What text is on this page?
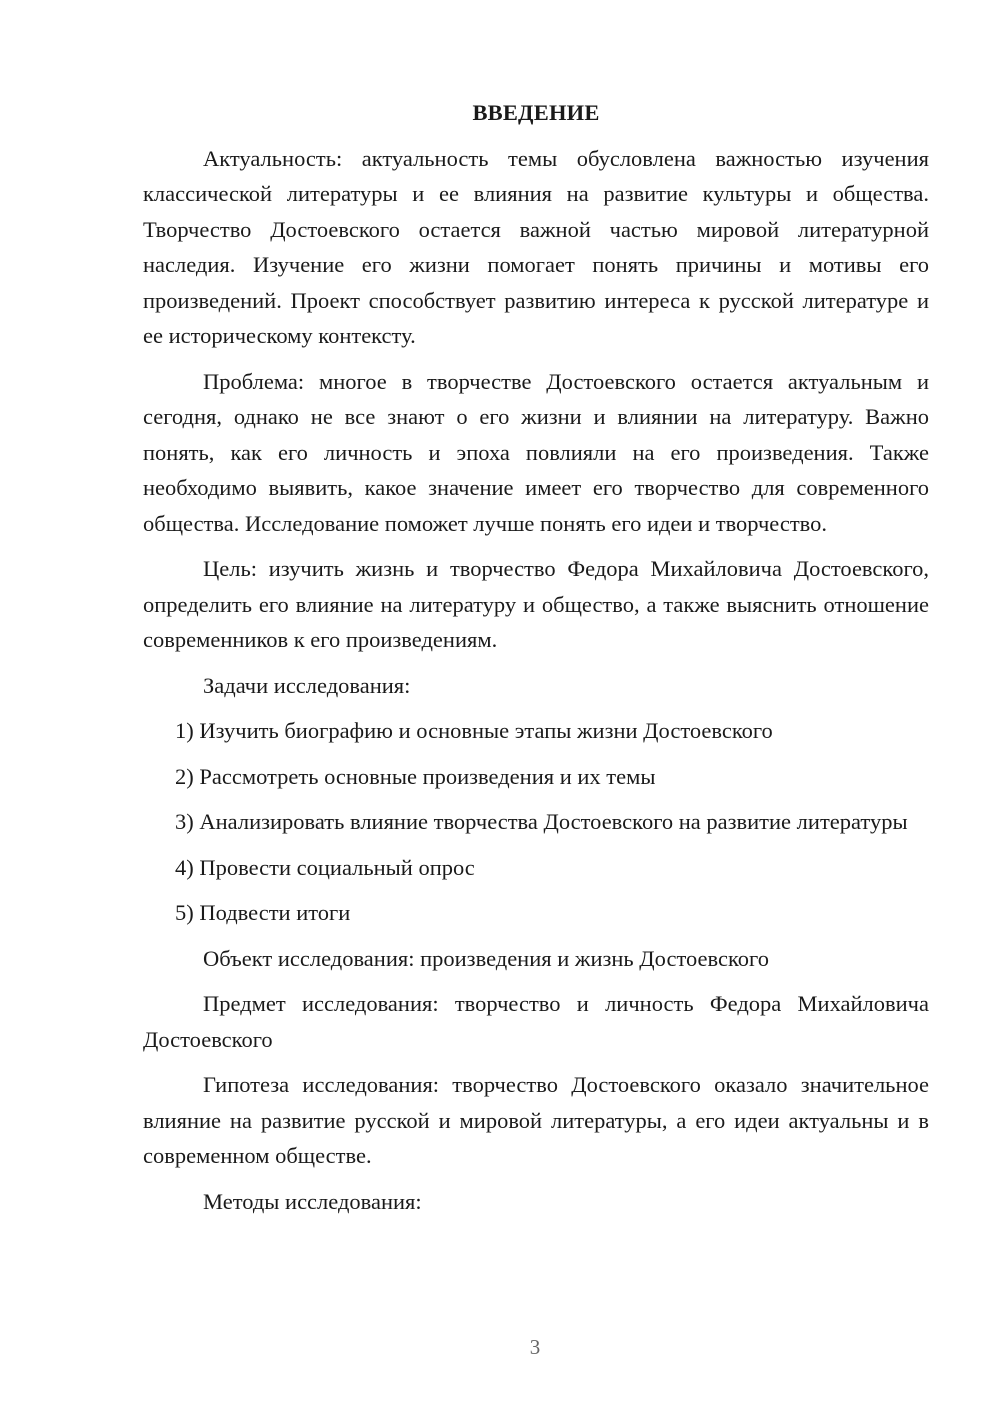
ВВЕДЕНИЕ

Актуальность: актуальность темы обусловлена важностью изучения классической литературы и ее влияния на развитие культуры и общества. Творчество Достоевского остается важной частью мировой литературной наследия. Изучение его жизни помогает понять причины и мотивы его произведений. Проект способствует развитию интереса к русской литературе и ее историческому контексту.

Проблема: многое в творчестве Достоевского остается актуальным и сегодня, однако не все знают о его жизни и влиянии на литературу. Важно понять, как его личность и эпоха повлияли на его произведения. Также необходимо выявить, какое значение имеет его творчество для современного общества. Исследование поможет лучше понять его идеи и творчество.

Цель: изучить жизнь и творчество Федора Михайловича Достоевского, определить его влияние на литературу и общество, а также выяснить отношение современников к его произведениям.

Задачи исследования:

1) Изучить биографию и основные этапы жизни Достоевского

2) Рассмотреть основные произведения и их темы

3) Анализировать влияние творчества Достоевского на развитие литературы

4) Провести социальный опрос

5) Подвести итоги

Объект исследования: произведения и жизнь Достоевского

Предмет исследования: творчество и личность Федора Михайловича Достоевского

Гипотеза исследования: творчество Достоевского оказало значительное влияние на развитие русской и мировой литературы, а его идеи актуальны и в современном обществе.

Методы исследования:

3
